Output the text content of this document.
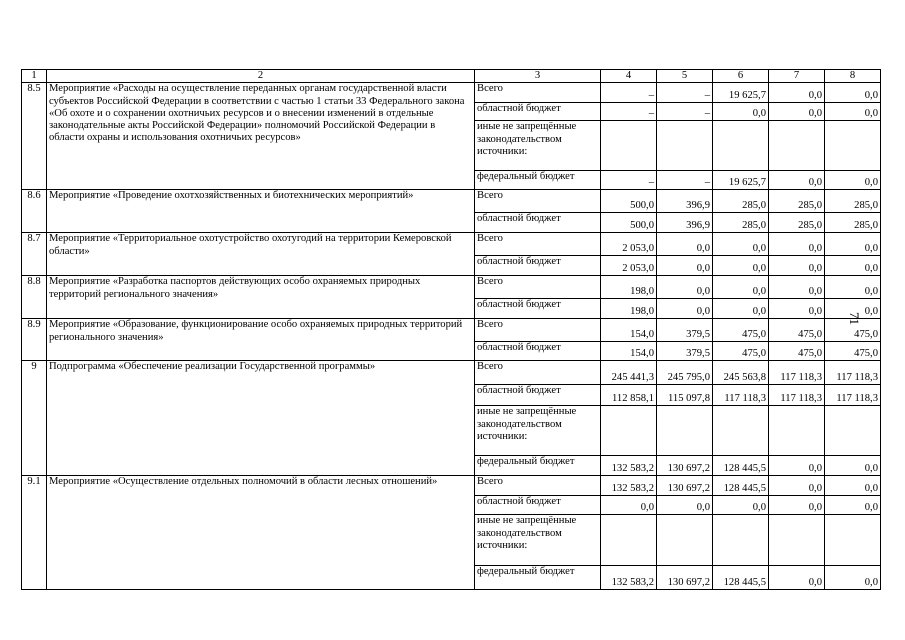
1	2	3	4	5	6	7	8
8.5	Мероприятие «Расходы на осуществление переданных органам государственной власти субъектов Российской Федерации в соответствии с частью 1 статьи 33 Федерального закона «Об охоте и о сохранении охотничьих ресурсов и о внесении изменений в отдельные законодательные акты Российской Федерации» полномочий Российской Федерации в области охраны и использования охотничьих ресурсов»	Всего	–	–	19 625,7	0,0	0,0
		областной бюджет	–	–	0,0	0,0	0,0
		иные не запрещённые законодательством источники:					
		федеральный бюджет	–	–	19 625,7	0,0	0,0
8.6	Мероприятие «Проведение охотхозяйственных и биотехнических мероприятий»	Всего	500,0	396,9	285,0	285,0	285,0
		областной бюджет	500,0	396,9	285,0	285,0	285,0
8.7	Мероприятие «Территориальное охотустройство охотугодий на территории Кемеровской области»	Всего	2 053,0	0,0	0,0	0,0	0,0
		областной бюджет	2 053,0	0,0	0,0	0,0	0,0
8.8	Мероприятие «Разработка паспортов действующих особо охраняемых природных территорий регионального значения»	Всего	198,0	0,0	0,0	0,0	0,0
		областной бюджет	198,0	0,0	0,0	0,0	0,0
8.9	Мероприятие «Образование, функционирование особо охраняемых природных территорий регионального значения»	Всего	154,0	379,5	475,0	475,0	475,0
		областной бюджет	154,0	379,5	475,0	475,0	475,0
9	Подпрограмма «Обеспечение реализации Государственной программы»	Всего	245 441,3	245 795,0	245 563,8	117 118,3	117 118,3
		областной бюджет	112 858,1	115 097,8	117 118,3	117 118,3	117 118,3
		иные не запрещённые законодательством источники:					
		федеральный бюджет	132 583,2	130 697,2	128 445,5	0,0	0,0
9.1	Мероприятие «Осуществление отдельных полномочий в области лесных отношений»	Всего	132 583,2	130 697,2	128 445,5	0,0	0,0
		областной бюджет	0,0	0,0	0,0	0,0	0,0
		иные не запрещённые законодательством источники:					
		федеральный бюджет	132 583,2	130 697,2	128 445,5	0,0	0,0
71
